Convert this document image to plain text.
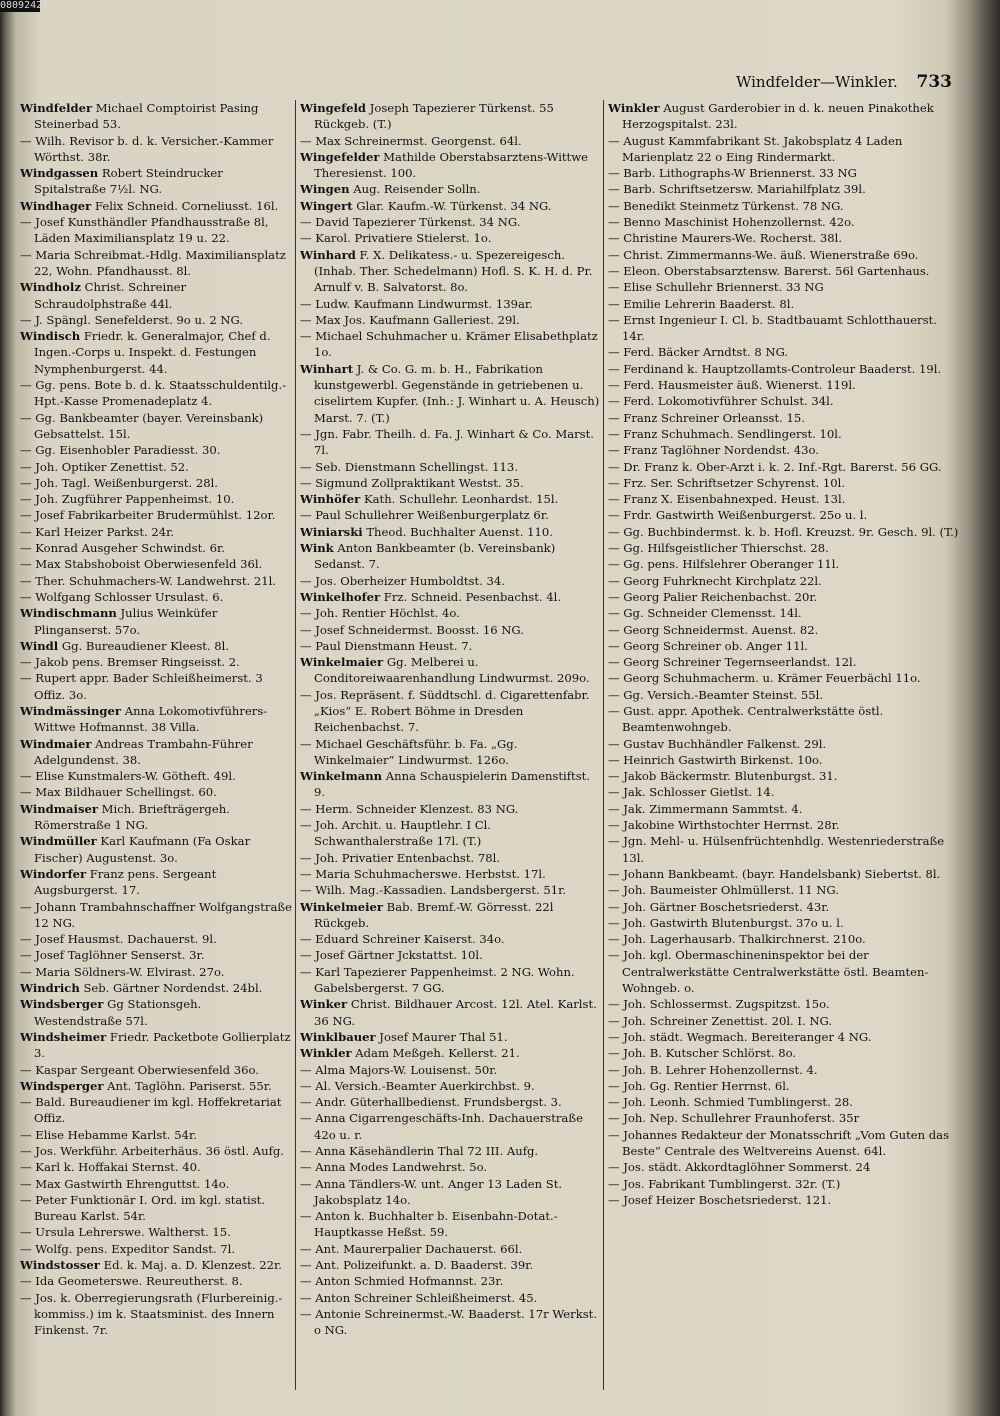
08092427
Windfelder—Winkler. 733
Windfelder Michael Comptoirist Pasing Steinerbad 53.
— Wilh. Revisor b. d. k. Versicher.-Kammer Wörthst. 38r.
Windgassen Robert Steindrucker Spitalstraße 7½l. NG.
Windhager Felix Schneid. Corneliusst. 16l.
— Josef Kunsthändler Pfandhausstraße 8l, Läden Maximiliansplatz 19 u. 22.
— Maria Schreibmat.-Hdlg. Maximiliansplatz 22, Wohn. Pfandhausst. 8l.
Windholz Christ. Schreiner Schraudolphstraße 44l.
— J. Spängl. Senefelderst. 9o u. 2 NG.
Windisch Friedr. k. Generalmajor, Chef d. Ingen.-Corps u. Inspekt. d. Festungen Nymphenburgerst. 44.
— Gg. pens. Bote b. d. k. Staatsschuldentilg.-Hpt.-Kasse Promenadeplatz 4.
— Gg. Bankbeamter (bayer. Vereinsbank) Gebsattelst. 15l.
— Gg. Eisenhobler Paradiesst. 30.
— Joh. Optiker Zenettist. 52.
— Joh. Tagl. Weißenburgerst. 28l.
— Joh. Zugführer Pappenheimst. 10.
— Josef Fabrikarbeiter Brudermühlst. 12or.
— Karl Heizer Parkst. 24r.
— Konrad Ausgeher Schwindst. 6r.
— Max Stabshoboist Oberwiesenfeld 36l.
— Ther. Schuhmachers-W. Landwehrst. 21l.
— Wolfgang Schlosser Ursulast. 6.
Windischmann Julius Weinküfer Plinganserst. 57o.
Windl Gg. Bureaudiener Kleest. 8l.
— Jakob pens. Bremser Ringseisst. 2.
— Rupert appr. Bader Schleißheimerst. 3 Offiz. 3o.
Windmässinger Anna Lokomotivführers-Wittwe Hofmannst. 38 Villa.
Windmaier Andreas Trambahn-Führer Adelgundenst. 38.
— Elise Kunstmalers-W. Götheft. 49l.
— Max Bildhauer Schellingst. 60.
Windmaiser Mich. Briefträgergeh. Römerstraße 1 NG.
Windmüller Karl Kaufmann (Fa Oskar Fischer) Augustenst. 3o.
Windorfer Franz pens. Sergeant Augsburgerst. 17.
— Johann Trambahnschaffner Wolfgangstraße 12 NG.
— Josef Hausmst. Dachauerst. 9l.
— Josef Taglöhner Senserst. 3r.
— Maria Söldners-W. Elvirast. 27o.
Windrich Seb. Gärtner Nordendst. 24bl.
Windsberger Gg Stationsgeh. Westendstraße 57l.
Windsheimer Friedr. Packetbote Gollierplatz 3.
— Kaspar Sergeant Oberwiesenfeld 36o.
Windsperger Ant. Taglöhn. Pariserst. 55r.
— Bald. Bureaudiener im kgl. Hoffekretariat Offiz.
— Elise Hebamme Karlst. 54r.
— Jos. Werkführ. Arbeiterhäus. 36 östl. Aufg.
— Karl k. Hoffakai Sternst. 40.
— Max Gastwirth Ehrenguttst. 14o.
— Peter Funktionär I. Ord. im kgl. statist. Bureau Karlst. 54r.
— Ursula Lehrerswe. Waltherst. 15.
— Wolfg. pens. Expeditor Sandst. 7l.
Windstosser Ed. k. Maj. a. D. Klenzest. 22r.
— Ida Geometerswe. Reureutherst. 8.
— Jos. k. Oberregierungsrath (Flurbereinig.-kommiss.) im k. Staatsminist. des Innern Finkenst. 7r.
Wingefeld Joseph Tapezierer Türkenst. 55 Rückgeb. (T.)
— Max Schreinermst. Georgenst. 64l.
Wingefelder Mathilde Oberstabsarztens-Wittwe Theresienst. 100.
Wingen Aug. Reisender Solln.
Wingert Glar. Kaufm.-W. Türkenst. 34 NG.
— David Tapezierer Türkenst. 34 NG.
— Karol. Privatiere Stielerst. 1o.
Winhard F. X. Delikatess.- u. Spezereigesch. (Inhab. Ther. Schedelmann) Hofl. S. K. H. d. Pr. Arnulf v. B. Salvatorst. 8o.
— Ludw. Kaufmann Lindwurmst. 139ar.
— Max Jos. Kaufmann Galleriest. 29l.
— Michael Schuhmacher u. Krämer Elisabethplatz 1o.
Winhart J. & Co. G. m. b. H., Fabrikation kunstgewerbl. Gegenstände in getriebenen u. ciselirtem Kupfer. (Inh.: J. Winhart u. A. Heusch) Marst. 7. (T.)
— Jgn. Fabr. Theilh. d. Fa. J. Winhart & Co. Marst. 7l.
— Seb. Dienstmann Schellingst. 113.
— Sigmund Zollpraktikant Westst. 35.
Winhöfer Kath. Schullehr. Leonhardst. 15l.
— Paul Schullehrer Weißenburgerplatz 6r.
Winiarski Theod. Buchhalter Auenst. 110.
Wink Anton Bankbeamter (b. Vereinsbank) Sedanst. 7.
— Jos. Oberheizer Humboldtst. 34.
Winkelhofer Frz. Schneid. Pesenbachst. 4l.
— Joh. Rentier Höchlst. 4o.
— Josef Schneidermst. Boosst. 16 NG.
— Paul Dienstmann Heust. 7.
Winkelmaier Gg. Melberei u. Conditoreiwaarenhandlung Lindwurmst. 209o.
— Jos. Repräsent. f. Süddtschl. d. Cigarettenfabr. „Kios“ E. Robert Böhme in Dresden Reichenbachst. 7.
— Michael Geschäftsführ. b. Fa. „Gg. Winkelmaier“ Lindwurmst. 126o.
Winkelmann Anna Schauspielerin Damenstiftst. 9.
— Herm. Schneider Klenzest. 83 NG.
— Joh. Archit. u. Hauptlehr. I Cl. Schwanthalerstraße 17l. (T.)
— Joh. Privatier Entenbachst. 78l.
— Maria Schuhmacherswe. Herbstst. 17l.
— Wilh. Mag.-Kassadien. Landsbergerst. 51r.
Winkelmeier Bab. Bremf.-W. Görresst. 22l Rückgeb.
— Eduard Schreiner Kaiserst. 34o.
— Josef Gärtner Jckstattst. 10l.
— Karl Tapezierer Pappenheimst. 2 NG. Wohn. Gabelsbergerst. 7 GG.
Winker Christ. Bildhauer Arcost. 12l. Atel. Karlst. 36 NG.
Winklbauer Josef Maurer Thal 51.
Winkler Adam Meßgeh. Kellerst. 21.
— Alma Majors-W. Louisenst. 50r.
— Al. Versich.-Beamter Auerkirchbst. 9.
— Andr. Güterhallbedienst. Frundsbergst. 3.
— Anna Cigarrengeschäfts-Inh. Dachauerstraße 42o u. r.
— Anna Käsehändlerin Thal 72 III. Aufg.
— Anna Modes Landwehrst. 5o.
— Anna Tändlers-W. unt. Anger 13 Laden St. Jakobsplatz 14o.
— Anton k. Buchhalter b. Eisenbahn-Dotat.-Hauptkasse Heßst. 59.
— Ant. Maurerpalier Dachauerst. 66l.
— Ant. Polizeifunkt. a. D. Baaderst. 39r.
— Anton Schmied Hofmannst. 23r.
— Anton Schreiner Schleißheimerst. 45.
— Antonie Schreinermst.-W. Baaderst. 17r Werkst. o NG.
Winkler August Garderobier in d. k. neuen Pinakothek Herzogspitalst. 23l.
— August Kammfabrikant St. Jakobsplatz 4 Laden Marienplatz 22 o Eing Rindermarkt.
— Barb. Lithographs-W Briennerst. 33 NG
— Barb. Schriftsetzersw. Mariahilfplatz 39l.
— Benedikt Steinmetz Türkenst. 78 NG.
— Benno Maschinist Hohenzollernst. 42o.
— Christine Maurers-We. Rocherst. 38l.
— Christ. Zimmermanns-We. äuß. Wienerstraße 69o.
— Eleon. Oberstabsarztensw. Barerst. 56l Gartenhaus.
— Elise Schullehr Briennerst. 33 NG
— Emilie Lehrerin Baaderst. 8l.
— Ernst Ingenieur I. Cl. b. Stadtbauamt Schlotthauerst. 14r.
— Ferd. Bäcker Arndtst. 8 NG.
— Ferdinand k. Hauptzollamts-Controleur Baaderst. 19l.
— Ferd. Hausmeister äuß. Wienerst. 119l.
— Ferd. Lokomotivführer Schulst. 34l.
— Franz Schreiner Orleansst. 15.
— Franz Schuhmach. Sendlingerst. 10l.
— Franz Taglöhner Nordendst. 43o.
— Dr. Franz k. Ober-Arzt i. k. 2. Inf.-Rgt. Barerst. 56 GG.
— Frz. Ser. Schriftsetzer Schyrenst. 10l.
— Franz X. Eisenbahnexped. Heust. 13l.
— Frdr. Gastwirth Weißenburgerst. 25o u. l.
— Gg. Buchbindermst. k. b. Hofl. Kreuzst. 9r. Gesch. 9l. (T.)
— Gg. Hilfsgeistlicher Thierschst. 28.
— Gg. pens. Hilfslehrer Oberanger 11l.
— Georg Fuhrknecht Kirchplatz 22l.
— Georg Palier Reichenbachst. 20r.
— Gg. Schneider Clemensst. 14l.
— Georg Schneidermst. Auenst. 82.
— Georg Schreiner ob. Anger 11l.
— Georg Schreiner Tegernseerlandst. 12l.
— Georg Schuhmacherm. u. Krämer Feuerbächl 11o.
— Gg. Versich.-Beamter Steinst. 55l.
— Gust. appr. Apothek. Centralwerkstätte östl. Beamtenwohngeb.
— Gustav Buchhändler Falkenst. 29l.
— Heinrich Gastwirth Birkenst. 10o.
— Jakob Bäckermstr. Blutenburgst. 31.
— Jak. Schlosser Gietlst. 14.
— Jak. Zimmermann Sammtst. 4.
— Jakobine Wirthstochter Herrnst. 28r.
— Jgn. Mehl- u. Hülsenfrüchtenhdlg. Westenriederstraße 13l.
— Johann Bankbeamt. (bayr. Handelsbank) Siebertst. 8l.
— Joh. Baumeister Ohlmüllerst. 11 NG.
— Joh. Gärtner Boschetsriederst. 43r.
— Joh. Gastwirth Blutenburgst. 37o u. l.
— Joh. Lagerhausarb. Thalkirchnerst. 210o.
— Joh. kgl. Obermaschineninspektor bei der Centralwerkstätte Centralwerkstätte östl. Beamten-Wohngeb. o.
— Joh. Schlossermst. Zugspitzst. 15o.
— Joh. Schreiner Zenettist. 20l. I. NG.
— Joh. städt. Wegmach. Bereiteranger 4 NG.
— Joh. B. Kutscher Schlörst. 8o.
— Joh. B. Lehrer Hohenzollernst. 4.
— Joh. Gg. Rentier Herrnst. 6l.
— Joh. Leonh. Schmied Tumblingerst. 28.
— Joh. Nep. Schullehrer Fraunhoferst. 35r
— Johannes Redakteur der Monatsschrift „Vom Guten das Beste“ Centrale des Weltvereins Auenst. 64l.
— Jos. städt. Akkordtaglöhner Sommerst. 24
— Jos. Fabrikant Tumblingerst. 32r. (T.)
— Josef Heizer Boschetsriederst. 121.
